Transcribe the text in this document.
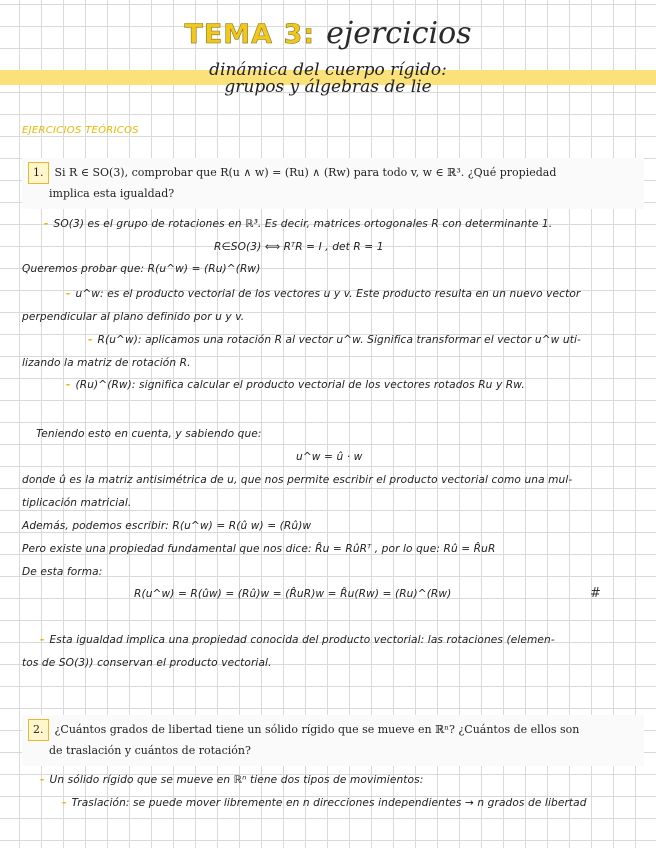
TEMA 3: ejercicios
dinámica del cuerpo rígido:
grupos y álgebras de lie
EJERCICIOS TEÓRICOS
1. Si R ∈ SO(3), comprobar que R(u ∧ w) = (Ru) ∧ (Rw) para todo v, w ∈ ℝ³. ¿Qué propiedad
implica esta igualdad?
- SO(3) es el grupo de rotaciones en ℝ³. Es decir, matrices ortogonales R con determinante 1.
R∈SO(3) ⟺ RᵀR = I , det R = 1
Queremos probar que: R(u^w) = (Ru)^(Rw)
- u^w: es el producto vectorial de los vectores u y v. Este producto resulta en un nuevo vector
perpendicular al plano definido por u y v.
- R(u^w): aplicamos una rotación R al vector u^w. Significa transformar el vector u^w uti-
lizando la matriz de rotación R.
- (Ru)^(Rw): significa calcular el producto vectorial de los vectores rotados Ru y Rw.
Teniendo esto en cuenta, y sabiendo que:
u^w = û · w
donde û es la matriz antisimétrica de u, que nos permite escribir el producto vectorial como una mul-
tiplicación matricial.
Además, podemos escribir: R(u^w) = R(û w) = (Rû)w
Pero existe una propiedad fundamental que nos dice: R̂u = RûRᵀ , por lo que: Rû = R̂uR
De esta forma:
R(u^w) = R(ûw) = (Rû)w = (R̂uR)w = R̂u(Rw) = (Ru)^(Rw)	#
- Esta igualdad implica una propiedad conocida del producto vectorial: las rotaciones (elemen-
tos de SO(3)) conservan el producto vectorial.
2. ¿Cuántos grados de libertad tiene un sólido rígido que se mueve en ℝⁿ? ¿Cuántos de ellos son
de traslación y cuántos de rotación?
- Un sólido rígido que se mueve en ℝⁿ tiene dos tipos de movimientos:
- Traslación: se puede mover libremente en n direcciones independientes → n grados de libertad
